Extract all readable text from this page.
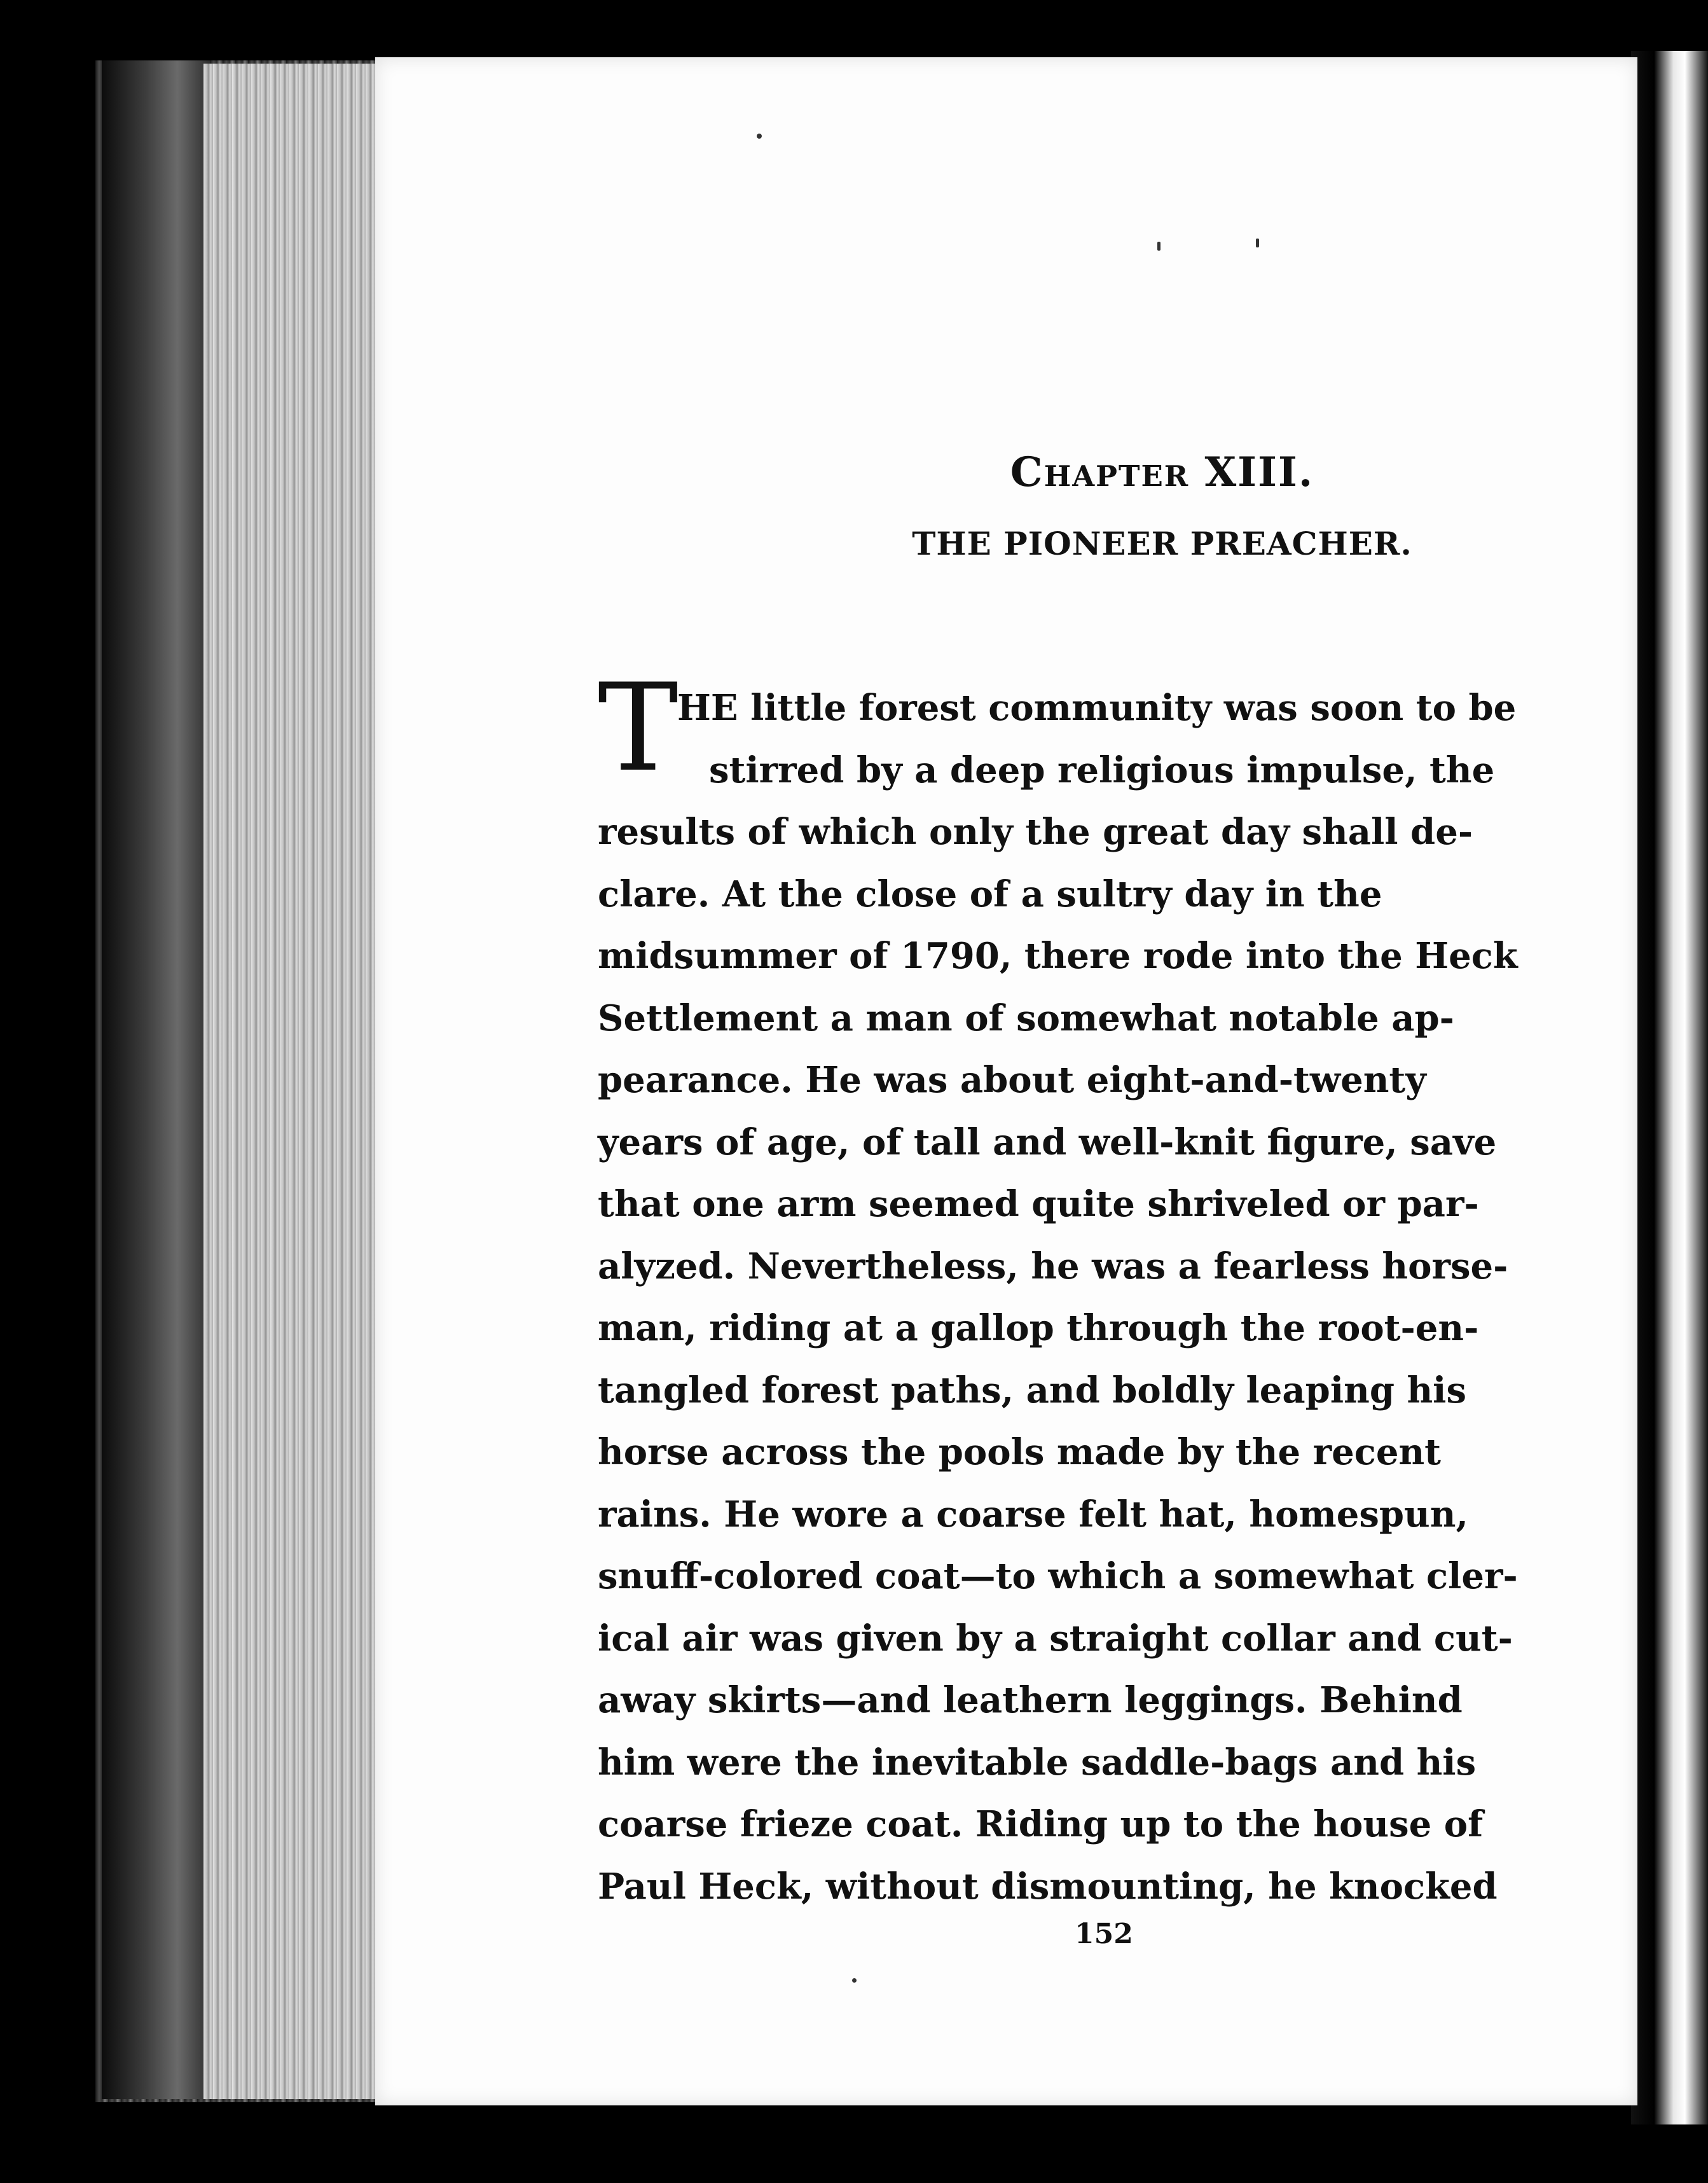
Chapter XIII.
THE PIONEER PREACHER.
T
HE little forest community was soon to be
stirred by a deep religious impulse, the
results of which only the great day shall de-
clare. At the close of a sultry day in the
midsummer of 1790, there rode into the Heck
Settlement a man of somewhat notable ap-
pearance. He was about eight-and-twenty
years of age, of tall and well-knit figure, save
that one arm seemed quite shriveled or par-
alyzed. Nevertheless, he was a fearless horse-
man, riding at a gallop through the root-en-
tangled forest paths, and boldly leaping his
horse across the pools made by the recent
rains. He wore a coarse felt hat, homespun,
snuff-colored coat—to which a somewhat cler-
ical air was given by a straight collar and cut-
away skirts—and leathern leggings. Behind
him were the inevitable saddle-bags and his
coarse frieze coat. Riding up to the house of
Paul Heck, without dismounting, he knocked
152
